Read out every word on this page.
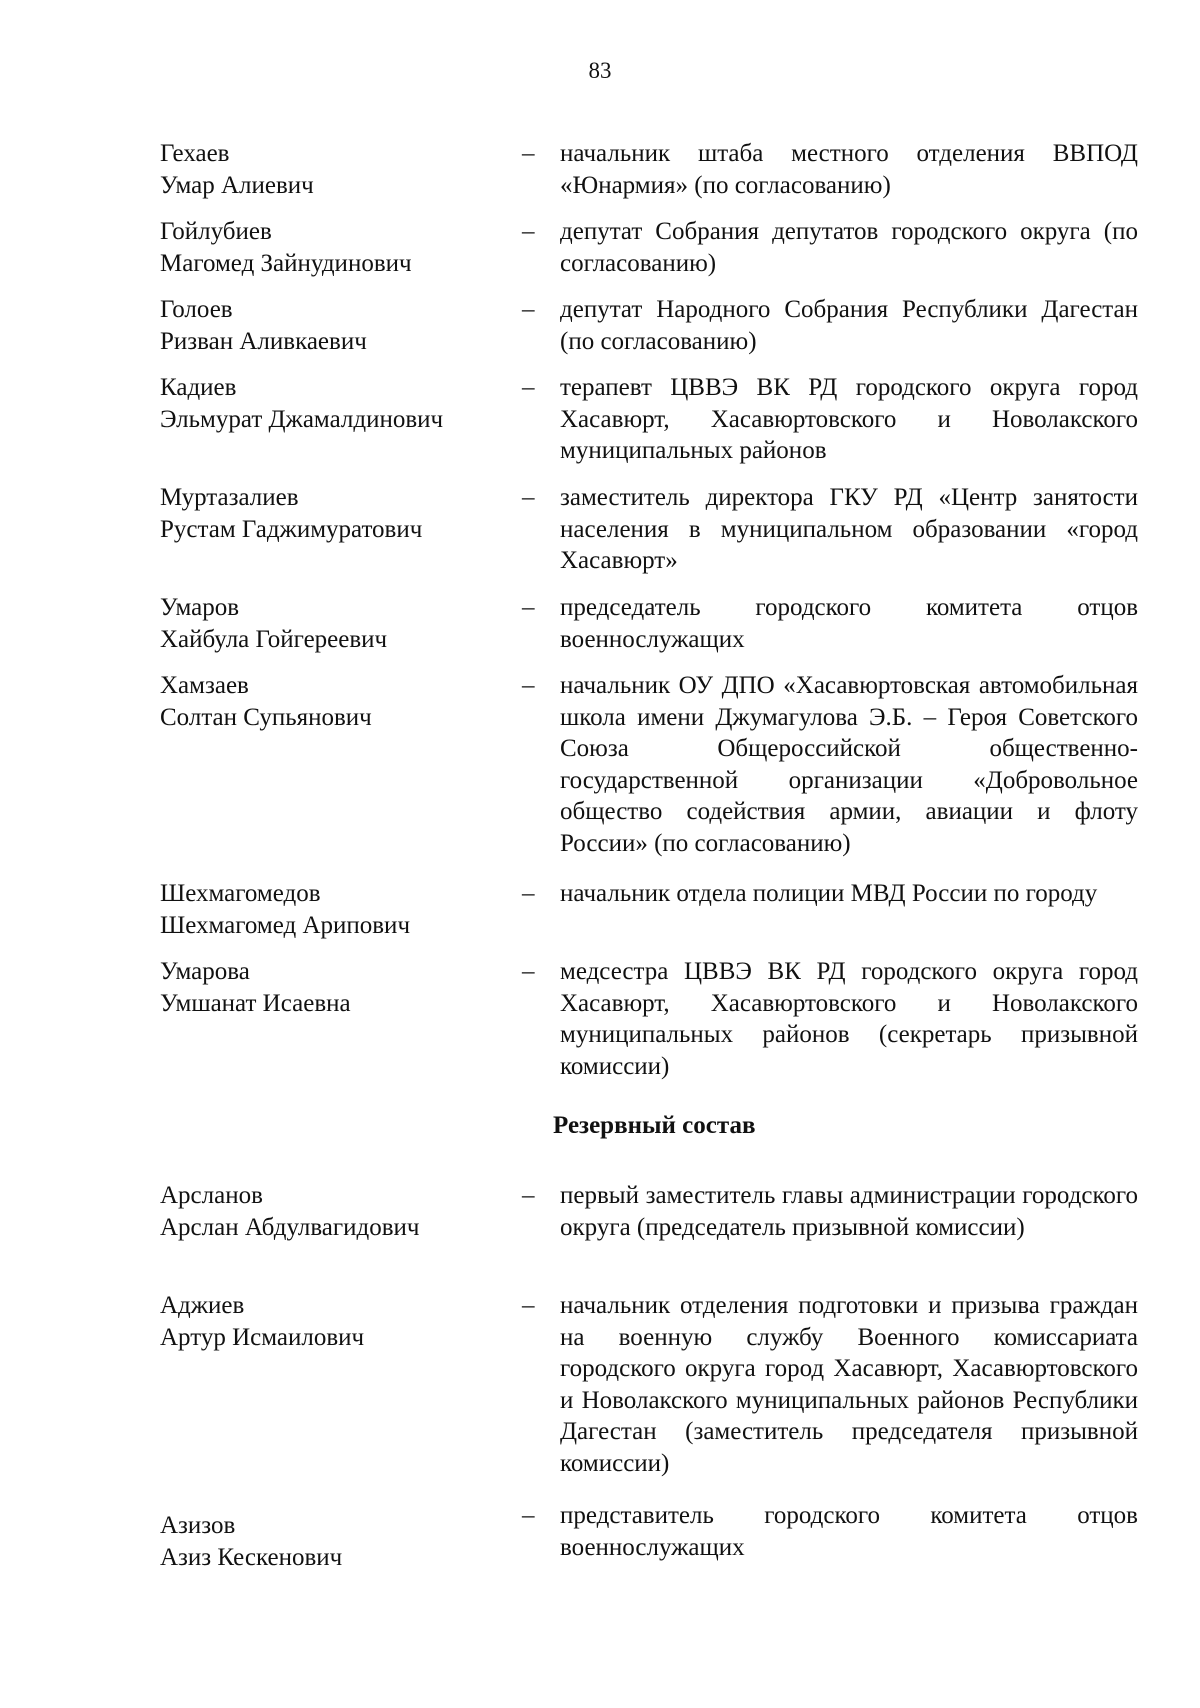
83
Гехаев
Умар Алиевич
– начальник штаба местного отделения ВВПОД «Юнармия» (по согласованию)
Гойлубиев
Магомед Зайнудинович
– депутат Собрания депутатов городского округа (по согласованию)
Голоев
Ризван Аливкаевич
– депутат Народного Собрания Республики Дагестан (по согласованию)
Кадиев
Эльмурат Джамалдинович
– терапевт ЦВВЭ ВК РД городского округа город Хасавюрт, Хасавюртовского и Новолакского муниципальных районов
Муртазалиев
Рустам Гаджимуратович
– заместитель директора ГКУ РД «Центр занятости населения в муниципальном образовании «город Хасавюрт»
Умаров
Хайбула Гойгереевич
– председатель городского комитета отцов военнослужащих
Хамзаев
Солтан Супьянович
– начальник ОУ ДПО «Хасавюртовская автомобильная школа имени Джумагулова Э.Б. – Героя Советского Союза Общероссийской общественно-государственной организации «Добровольное общество содействия армии, авиации и флоту России» (по согласованию)
Шехмагомедов
Шехмагомед Арипович
– начальник отдела полиции МВД России по городу
Умарова
Умшанат Исаевна
– медсестра ЦВВЭ ВК РД городского округа город Хасавюрт, Хасавюртовского и Новолакского муниципальных районов (секретарь призывной комиссии)
Резервный состав
Арсланов
Арслан Абдулвагидович
– первый заместитель главы администрации городского округа (председатель призывной комиссии)
Аджиев
Артур Исмаилович
– начальник отделения подготовки и призыва граждан на военную службу Военного комиссариата городского округа город Хасавюрт, Хасавюртовского и Новолакского муниципальных районов Республики Дагестан (заместитель председателя призывной комиссии)
Азизов
Азиз Кескенович
– представитель городского комитета отцов военнослужащих
